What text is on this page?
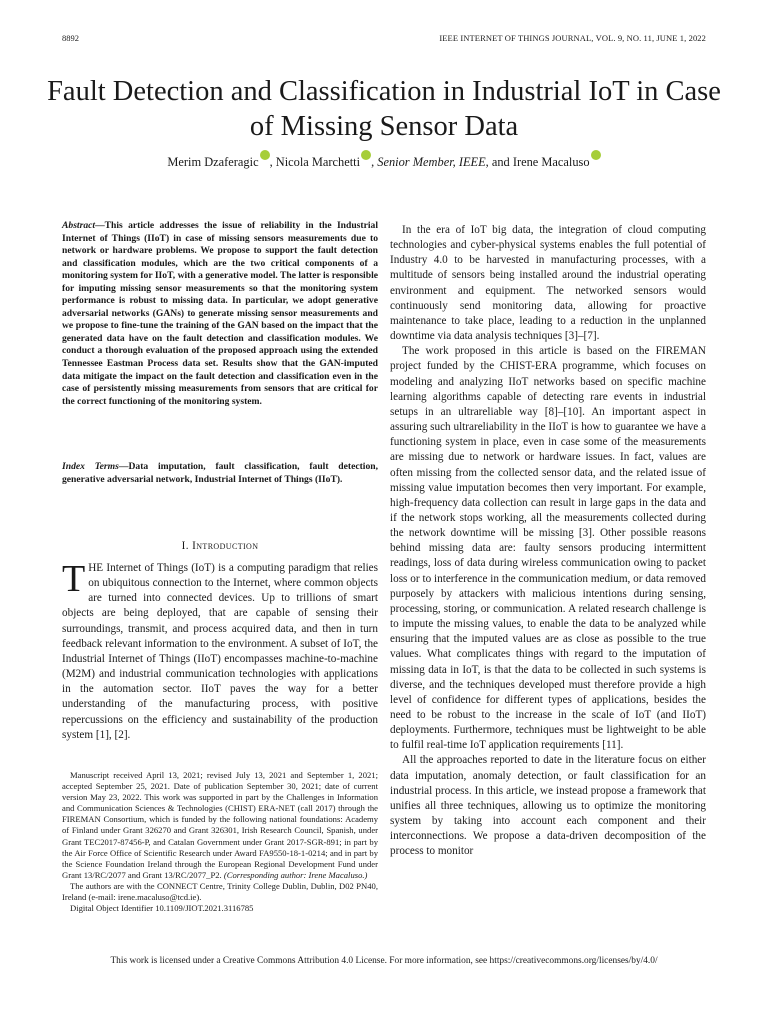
8892	IEEE INTERNET OF THINGS JOURNAL, VOL. 9, NO. 11, JUNE 1, 2022
Fault Detection and Classification in Industrial IoT in Case of Missing Sensor Data
Merim Dzaferagic , Nicola Marchetti , Senior Member, IEEE, and Irene Macaluso
Abstract—This article addresses the issue of reliability in the Industrial Internet of Things (IIoT) in case of missing sensors measurements due to network or hardware problems. We propose to support the fault detection and classification modules, which are the two critical components of a monitoring system for IIoT, with a generative model. The latter is responsible for imputing missing sensor measurements so that the monitoring system performance is robust to missing data. In particular, we adopt generative adversarial networks (GANs) to generate missing sensor measurements and we propose to fine-tune the training of the GAN based on the impact that the generated data have on the fault detection and classification modules. We conduct a thorough evaluation of the proposed approach using the extended Tennessee Eastman Process data set. Results show that the GAN-imputed data mitigate the impact on the fault detection and classification even in the case of persistently missing measurements from sensors that are critical for the correct functioning of the monitoring system.
Index Terms—Data imputation, fault classification, fault detection, generative adversarial network, Industrial Internet of Things (IIoT).
I. Introduction
THE Internet of Things (IoT) is a computing paradigm that relies on ubiquitous connection to the Internet, where common objects are turned into connected devices. Up to trillions of smart objects are being deployed, that are capable of sensing their surroundings, transmit, and process acquired data, and then in turn feedback relevant information to the environment. A subset of IoT, the Industrial Internet of Things (IIoT) encompasses machine-to-machine (M2M) and industrial communication technologies with applications in the automation sector. IIoT paves the way for a better understanding of the manufacturing process, with positive repercussions on the efficiency and sustainability of the production system [1], [2].

Manuscript received April 13, 2021; revised July 13, 2021 and September 1, 2021; accepted September 25, 2021. Date of publication September 30, 2021; date of current version May 23, 2022. This work was supported in part by the Challenges in Information and Communication Sciences & Technologies (CHIST) ERA-NET (call 2017) through the FIREMAN Consortium, which is funded by the following national foundations: Academy of Finland under Grant 326270 and Grant 326301, Irish Research Council, Spanish, under Grant TEC2017-87456-P, and Catalan Government under Grant 2017-SGR-891; in part by the Air Force Office of Scientific Research under Award FA9550-18-1-0214; and in part by the Science Foundation Ireland through the European Regional Development Fund under Grant 13/RC/2077 and Grant 13/RC/2077_P2. (Corresponding author: Irene Macaluso.)

The authors are with the CONNECT Centre, Trinity College Dublin, Dublin, D02 PN40, Ireland (e-mail: irene.macaluso@tcd.ie).

Digital Object Identifier 10.1109/JIOT.2021.3116785

In the era of IoT big data, the integration of cloud computing technologies and cyber-physical systems enables the full potential of Industry 4.0 to be harvested in manufacturing processes, with a multitude of sensors being installed around the industrial operating environment and equipment. The networked sensors would continuously send monitoring data, allowing for proactive maintenance to take place, leading to a reduction in the unplanned downtime via data analysis techniques [3]–[7].

The work proposed in this article is based on the FIREMAN project funded by the CHIST-ERA programme, which focuses on modeling and analyzing IIoT networks based on specific machine learning algorithms capable of detecting rare events in industrial setups in an ultrareliable way [8]–[10]. An important aspect in assuring such ultrareliability in the IIoT is how to guarantee we have a functioning system in place, even in case some of the measurements are missing due to network or hardware issues. In fact, values are often missing from the collected sensor data, and the related issue of missing value imputation becomes then very important. For example, high-frequency data collection can result in large gaps in the data and if the network stops working, all the measurements collected during the network downtime will be missing [3]. Other possible reasons behind missing data are: faulty sensors producing intermittent readings, loss of data during wireless communication owing to packet loss or to interference in the communication medium, or data removed purposely by attackers with malicious intentions during sensing, processing, storing, or communication. A related research challenge is to impute the missing values, to enable the data to be analyzed while ensuring that the imputed values are as close as possible to the true values. What complicates things with regard to the imputation of missing data in IoT, is that the data to be collected in such systems is diverse, and the techniques developed must therefore provide a high level of confidence for different types of applications, besides the need to be robust to the increase in the scale of IoT (and IIoT) deployments. Furthermore, techniques must be lightweight to be able to fulfil real-time IoT application requirements [11].

All the approaches reported to date in the literature focus on either data imputation, anomaly detection, or fault classification for an industrial process. In this article, we instead propose a framework that unifies all three techniques, allowing us to optimize the monitoring system by taking into account each component and their interconnections. We propose a data-driven decomposition of the process to monitor

This work is licensed under a Creative Commons Attribution 4.0 License. For more information, see https://creativecommons.org/licenses/by/4.0/
